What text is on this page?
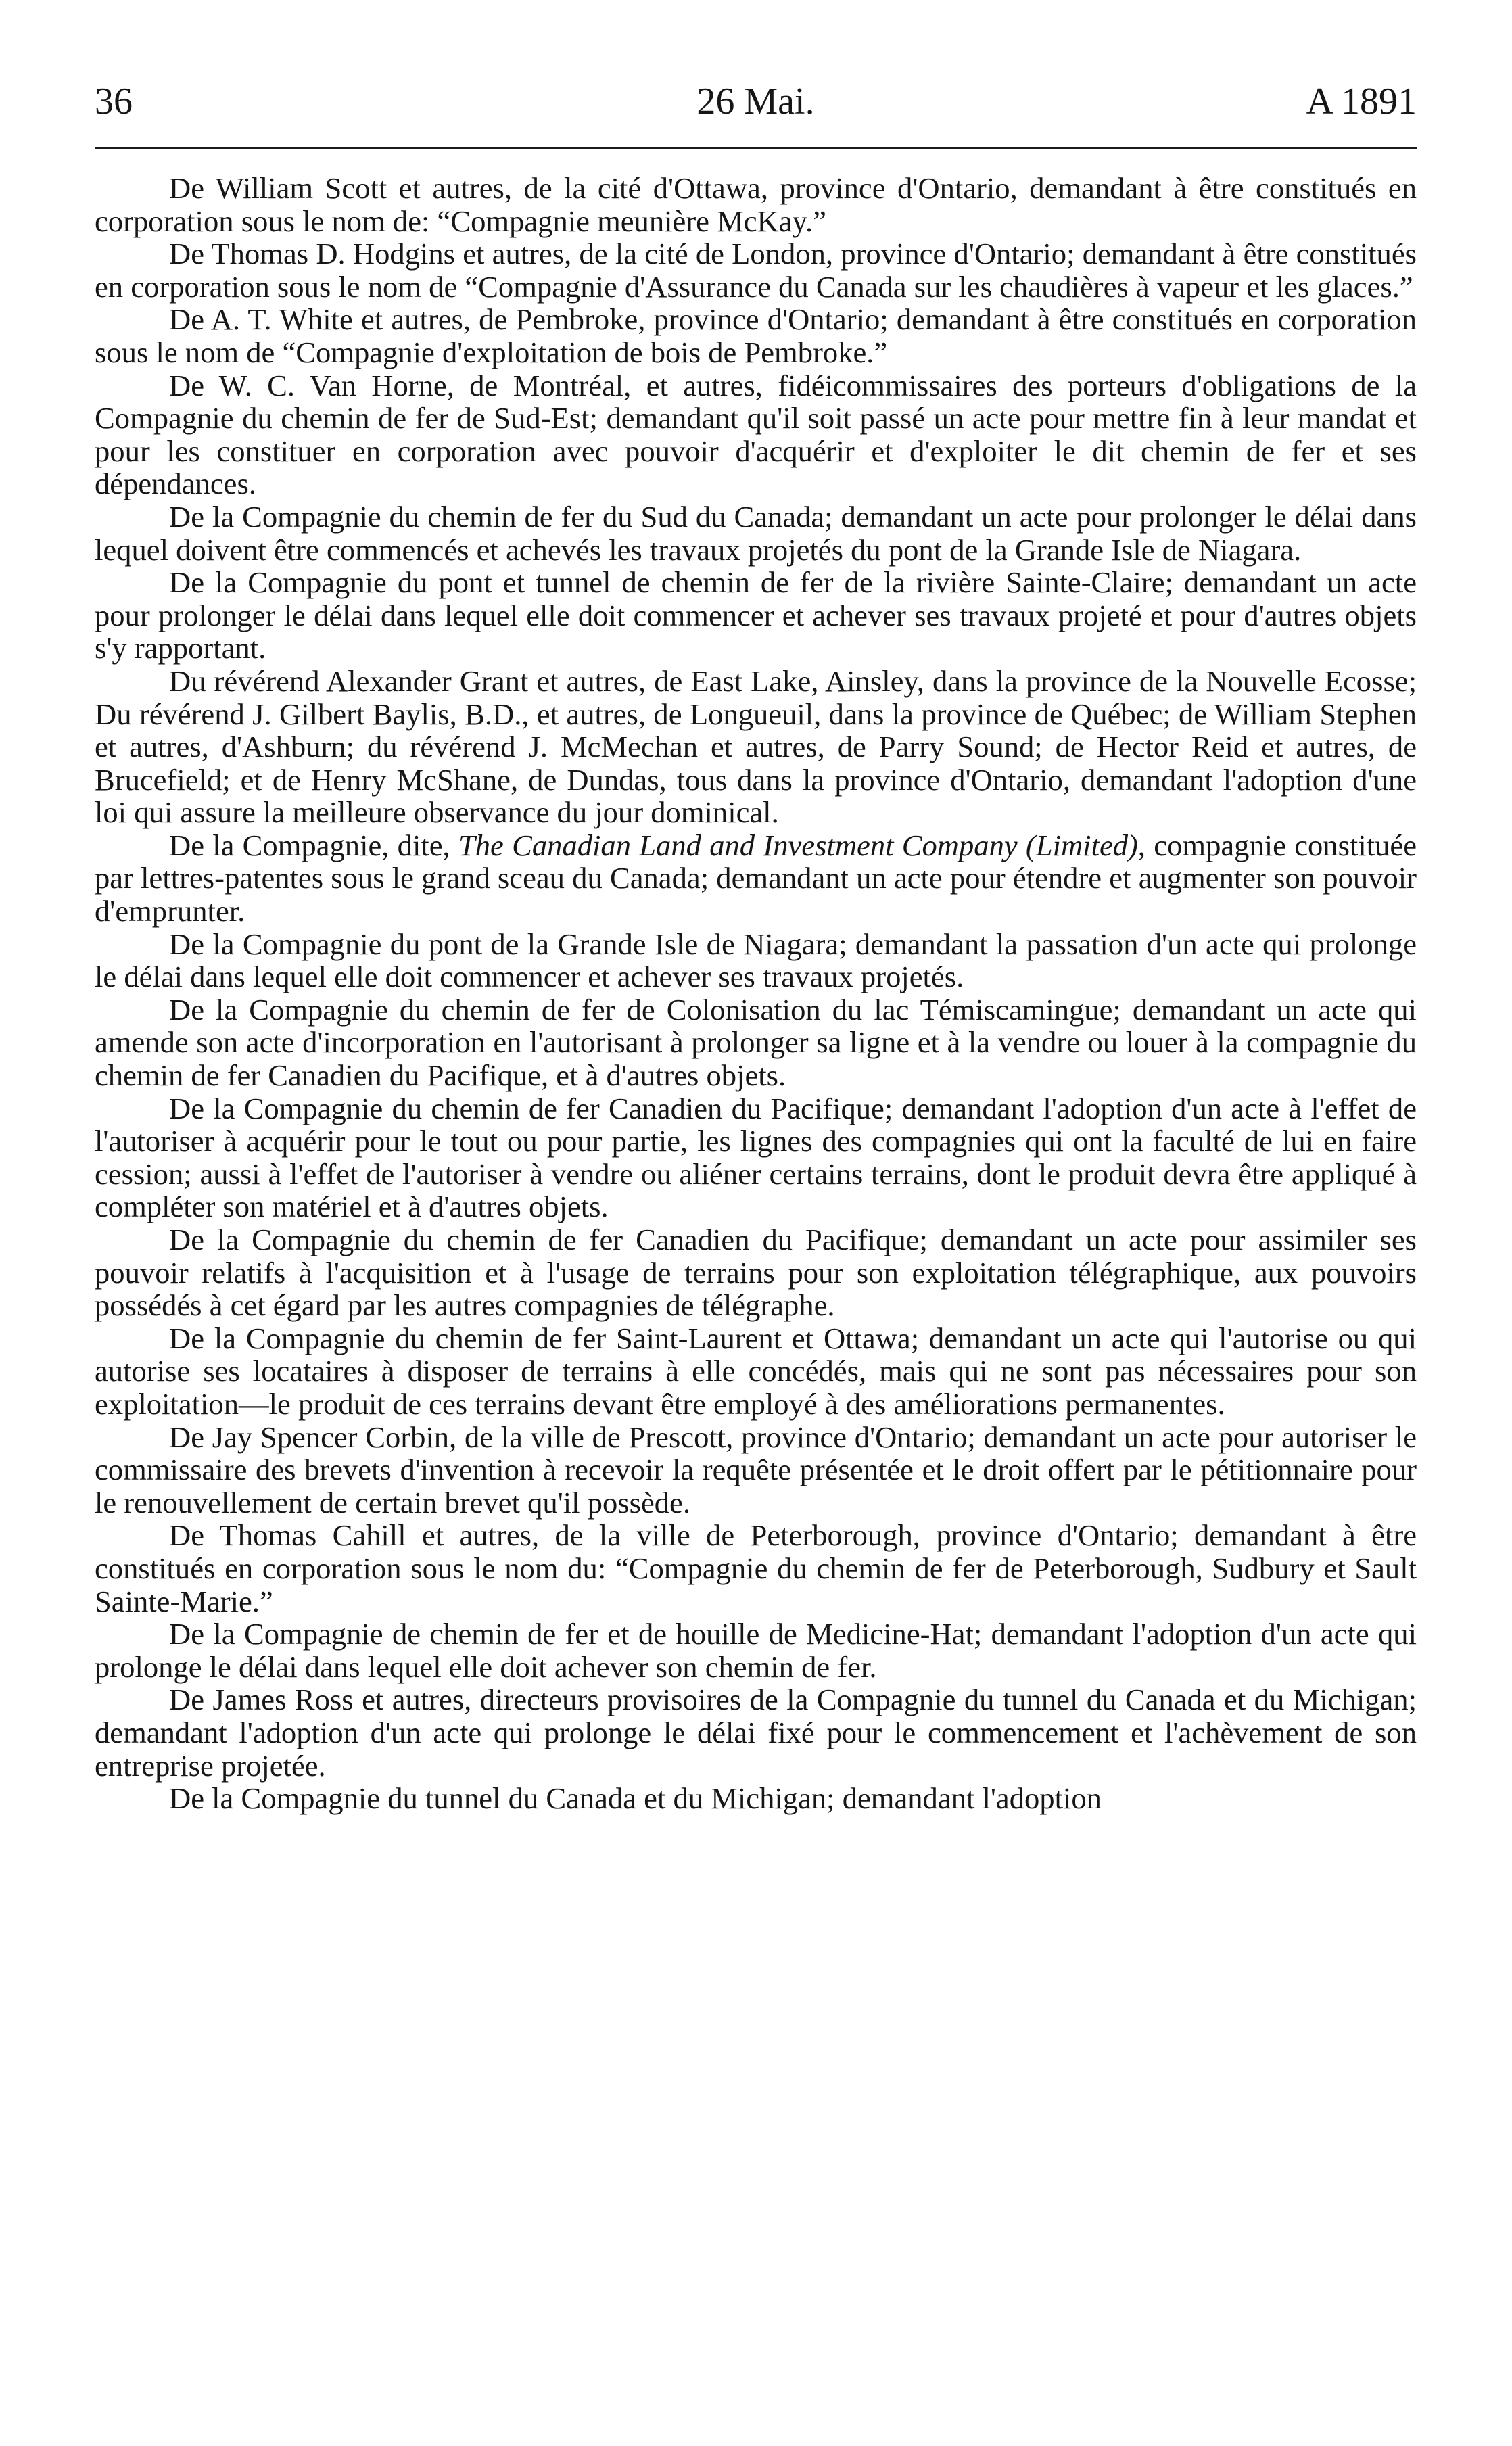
36	26 Mai.	A 1891

De William Scott et autres, de la cité d'Ottawa, province d'Ontario, demandant à être constitués en corporation sous le nom de: “Compagnie meunière McKay.”

De Thomas D. Hodgins et autres, de la cité de London, province d'Ontario; demandant à être constitués en corporation sous le nom de “Compagnie d'Assurance du Canada sur les chaudières à vapeur et les glaces.”

De A. T. White et autres, de Pembroke, province d'Ontario; demandant à être constitués en corporation sous le nom de “Compagnie d'exploitation de bois de Pembroke.”

De W. C. Van Horne, de Montréal, et autres, fidéicommissaires des porteurs d'obligations de la Compagnie du chemin de fer de Sud-Est; demandant qu'il soit passé un acte pour mettre fin à leur mandat et pour les constituer en corporation avec pouvoir d'acquérir et d'exploiter le dit chemin de fer et ses dépendances.

De la Compagnie du chemin de fer du Sud du Canada; demandant un acte pour prolonger le délai dans lequel doivent être commencés et achevés les travaux projetés du pont de la Grande Isle de Niagara.

De la Compagnie du pont et tunnel de chemin de fer de la rivière Sainte-Claire; demandant un acte pour prolonger le délai dans lequel elle doit commencer et achever ses travaux projeté et pour d'autres objets s'y rapportant.

Du révérend Alexander Grant et autres, de East Lake, Ainsley, dans la province de la Nouvelle Ecosse; Du révérend J. Gilbert Baylis, B.D., et autres, de Longueuil, dans la province de Québec; de William Stephen et autres, d'Ashburn; du révérend J. McMechan et autres, de Parry Sound; de Hector Reid et autres, de Brucefield; et de Henry McShane, de Dundas, tous dans la province d'Ontario, demandant l'adoption d'une loi qui assure la meilleure observance du jour dominical.

De la Compagnie, dite, The Canadian Land and Investment Company (Limited), compagnie constituée par lettres-patentes sous le grand sceau du Canada; demandant un acte pour étendre et augmenter son pouvoir d'emprunter.

De la Compagnie du pont de la Grande Isle de Niagara; demandant la passation d'un acte qui prolonge le délai dans lequel elle doit commencer et achever ses travaux projetés.

De la Compagnie du chemin de fer de Colonisation du lac Témiscamingue; demandant un acte qui amende son acte d'incorporation en l'autorisant à prolonger sa ligne et à la vendre ou louer à la compagnie du chemin de fer Canadien du Pacifique, et à d'autres objets.

De la Compagnie du chemin de fer Canadien du Pacifique; demandant l'adoption d'un acte à l'effet de l'autoriser à acquérir pour le tout ou pour partie, les lignes des compagnies qui ont la faculté de lui en faire cession; aussi à l'effet de l'autoriser à vendre ou aliéner certains terrains, dont le produit devra être appliqué à compléter son matériel et à d'autres objets.

De la Compagnie du chemin de fer Canadien du Pacifique; demandant un acte pour assimiler ses pouvoir relatifs à l'acquisition et à l'usage de terrains pour son exploitation télégraphique, aux pouvoirs possédés à cet égard par les autres compagnies de télégraphe.

De la Compagnie du chemin de fer Saint-Laurent et Ottawa; demandant un acte qui l'autorise ou qui autorise ses locataires à disposer de terrains à elle concédés, mais qui ne sont pas nécessaires pour son exploitation—le produit de ces terrains devant être employé à des améliorations permanentes.

De Jay Spencer Corbin, de la ville de Prescott, province d'Ontario; demandant un acte pour autoriser le commissaire des brevets d'invention à recevoir la requête présentée et le droit offert par le pétitionnaire pour le renouvellement de certain brevet qu'il possède.

De Thomas Cahill et autres, de la ville de Peterborough, province d'Ontario; demandant à être constitués en corporation sous le nom du: “Compagnie du chemin de fer de Peterborough, Sudbury et Sault Sainte-Marie.”

De la Compagnie de chemin de fer et de houille de Medicine-Hat; demandant l'adoption d'un acte qui prolonge le délai dans lequel elle doit achever son chemin de fer.

De James Ross et autres, directeurs provisoires de la Compagnie du tunnel du Canada et du Michigan; demandant l'adoption d'un acte qui prolonge le délai fixé pour le commencement et l'achèvement de son entreprise projetée.

De la Compagnie du tunnel du Canada et du Michigan; demandant l'adoption
